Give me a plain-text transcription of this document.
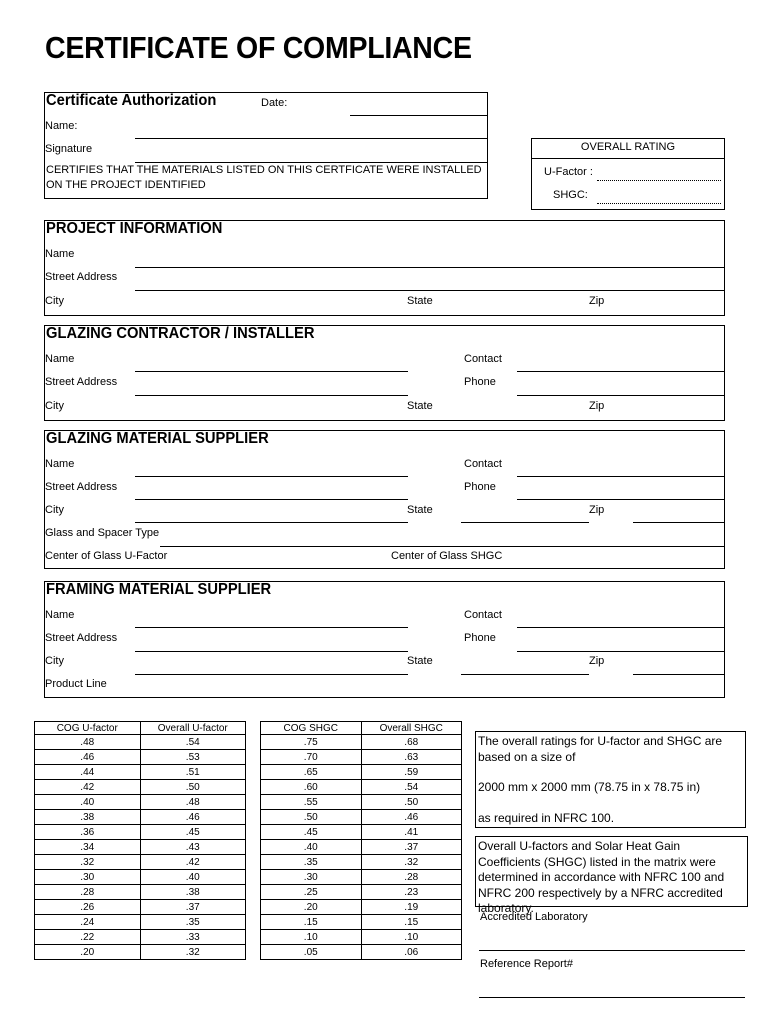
CERTIFICATE OF COMPLIANCE
Certificate Authorization	Date:
Name:
Signature
CERTIFIES THAT THE MATERIALS LISTED ON THIS CERTFICATE WERE INSTALLED ON THE PROJECT IDENTIFIED
OVERALL RATING
U-Factor :
SHGC:
PROJECT INFORMATION
Name
Street Address
City	State	Zip
GLAZING CONTRACTOR / INSTALLER
Name	Contact
Street Address	Phone
City	State	Zip
GLAZING MATERIAL SUPPLIER
Name	Contact
Street Address	Phone
City	State	Zip
Glass and Spacer Type
Center of Glass U-Factor	Center of Glass SHGC
FRAMING MATERIAL SUPPLIER
Name	Contact
Street Address	Phone
City	State	Zip
Product Line
COG U-factor	Overall U-factor
.48	.54
.46	.53
.44	.51
.42	.50
.40	.48
.38	.46
.36	.45
.34	.43
.32	.42
.30	.40
.28	.38
.26	.37
.24	.35
.22	.33
.20	.32
COG SHGC	Overall SHGC
.75	.68
.70	.63
.65	.59
.60	.54
.55	.50
.50	.46
.45	.41
.40	.37
.35	.32
.30	.28
.25	.23
.20	.19
.15	.15
.10	.10
.05	.06
The overall ratings for U-factor and SHGC are based on a size of
2000 mm x 2000 mm (78.75 in x 78.75 in)
as required in NFRC 100.
Overall U-factors and Solar Heat Gain Coefficients (SHGC) listed in the matrix were determined in accordance with NFRC 100 and NFRC 200 respectively by a NFRC accredited laboratory.
Accredited Laboratory
Reference Report#
